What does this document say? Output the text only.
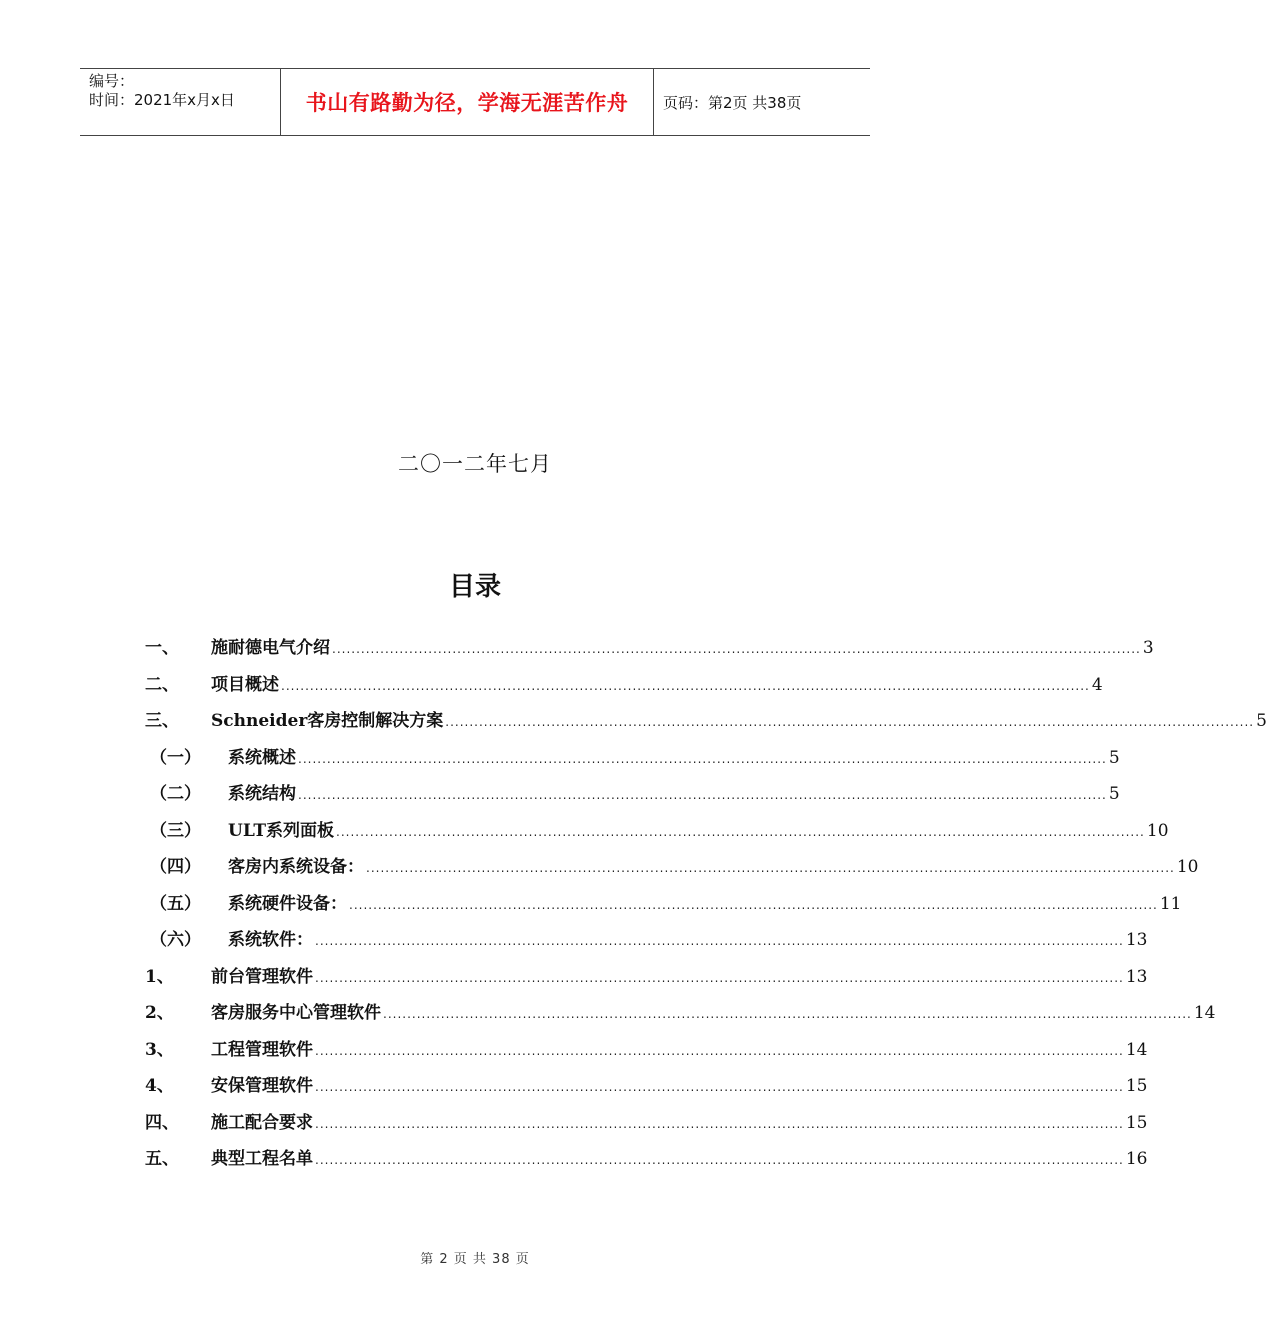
编号：
时间：2021年x月x日	书山有路勤为径，学海无涯苦作舟	页码：第2页 共38页
二〇一二年七月
目录
一、	施耐德电气介绍 ........................................................................................................................................................................ 3
二、	项目概述 ........................................................................................................................................................................ 4
三、	Schneider客房控制解决方案 ........................................................................................................................................................................ 5
（一）	系统概述 ........................................................................................................................................................................ 5
（二）	系统结构 ........................................................................................................................................................................ 5
（三）	ULT系列面板 ........................................................................................................................................................................ 10
（四）	客房内系统设备： ........................................................................................................................................................................ 10
（五）	系统硬件设备： ........................................................................................................................................................................ 11
（六）	系统软件： ........................................................................................................................................................................ 13
1、	前台管理软件 ........................................................................................................................................................................ 13
2、	客房服务中心管理软件 ........................................................................................................................................................................ 14
3、	工程管理软件 ........................................................................................................................................................................ 14
4、	安保管理软件 ........................................................................................................................................................................ 15
四、	施工配合要求 ........................................................................................................................................................................ 15
五、	典型工程名单 ........................................................................................................................................................................ 16
第 2 页 共 38 页
